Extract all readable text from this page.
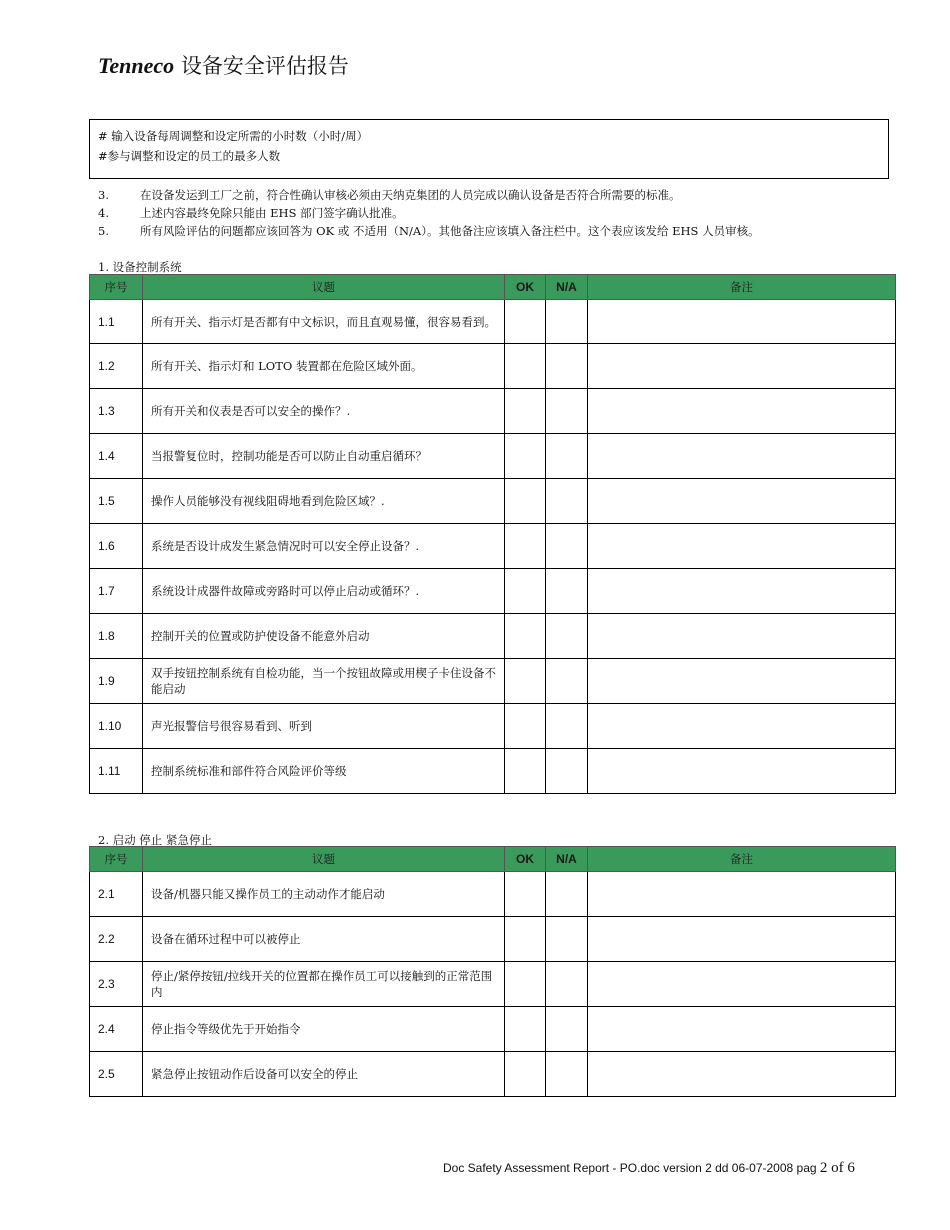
Tenneco 设备安全评估报告
# 输入设备每周调整和设定所需的小时数（小时/周）
#参与调整和设定的员工的最多人数
3.	在设备发运到工厂之前，符合性确认审核必须由天纳克集团的人员完成以确认设备是否符合所需要的标准。
4.	上述内容最终免除只能由 EHS 部门签字确认批准。
5.	所有风险评估的问题都应该回答为 OK 或 不适用（N/A）。其他备注应该填入备注栏中。这个表应该发给 EHS 人员审核。
1. 设备控制系统
序号	议题	OK	N/A	备注
1.1	所有开关、指示灯是否都有中文标识，而且直观易懂，很容易看到。			
1.2	所有开关、指示灯和 LOTO 装置都在危险区域外面。			
1.3	所有开关和仪表是否可以安全的操作？.			
1.4	当报警复位时，控制功能是否可以防止自动重启循环？			
1.5	操作人员能够没有视线阻碍地看到危险区域？.			
1.6	系统是否设计成发生紧急情况时可以安全停止设备？.			
1.7	系统设计成器件故障或旁路时可以停止启动或循环？.			
1.8	控制开关的位置或防护使设备不能意外启动			
1.9	双手按钮控制系统有自检功能，当一个按钮故障或用楔子卡住设备不能启动			
1.10	声光报警信号很容易看到、听到			
1.11	控制系统标准和部件符合风险评价等级			
2. 启动 停止 紧急停止
序号	议题	OK	N/A	备注
2.1	设备/机器只能又操作员工的主动动作才能启动			
2.2	设备在循环过程中可以被停止			
2.3	停止/紧停按钮/拉线开关的位置都在操作员工可以接触到的正常范围内			
2.4	停止指令等级优先于开始指令			
2.5	紧急停止按钮动作后设备可以安全的停止			
Doc Safety Assessment Report - PO.doc version 2 dd 06-07-2008 pag 2 of 6
